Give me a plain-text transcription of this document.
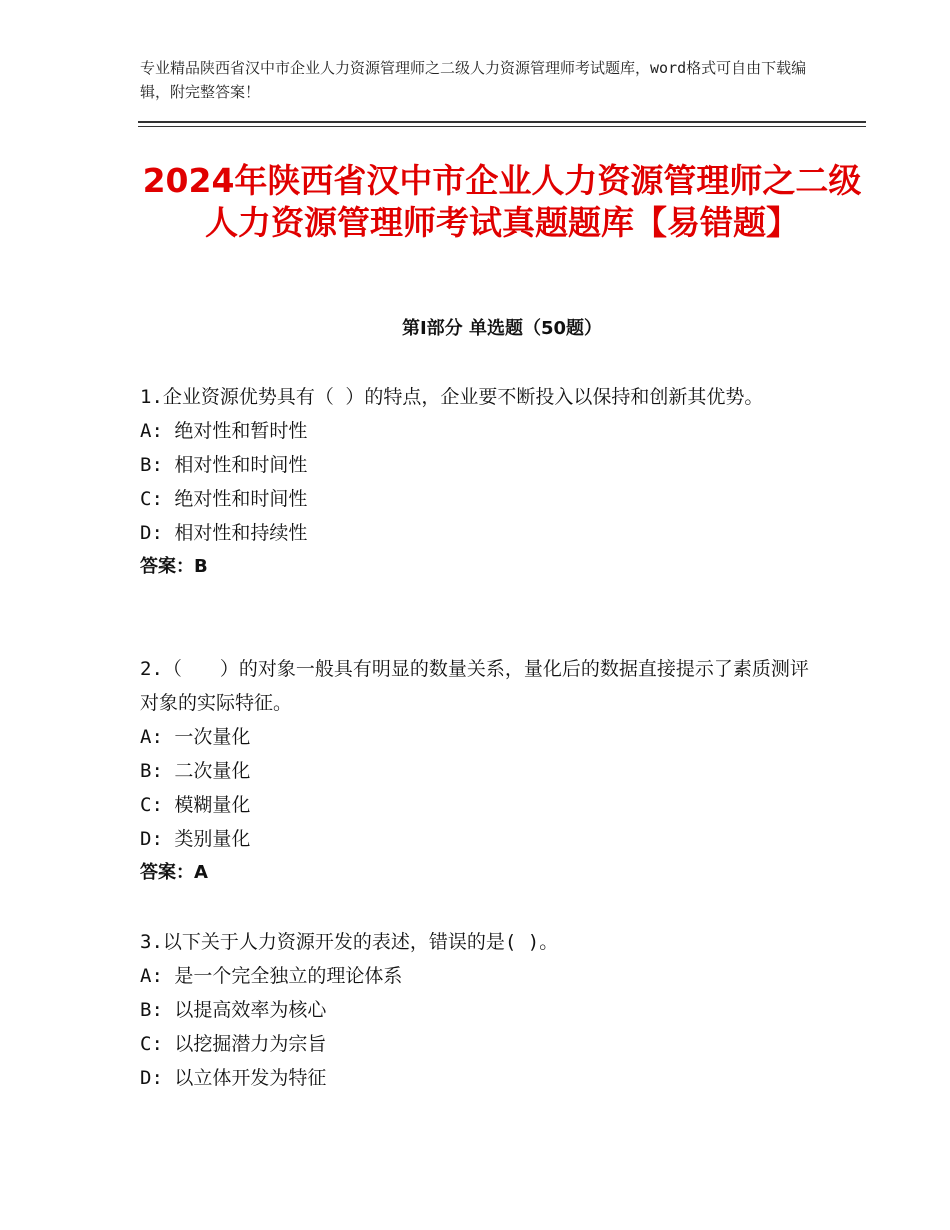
专业精品陕西省汉中市企业人力资源管理师之二级人力资源管理师考试题库，word格式可自由下载编辑，附完整答案！
2024年陕西省汉中市企业人力资源管理师之二级人力资源管理师考试真题题库【易错题】
第Ⅰ部分 单选题（50题）

1.企业资源优势具有（ ）的特点，企业要不断投入以保持和创新其优势。

A: 绝对性和暂时性

B: 相对性和时间性

C: 绝对性和时间性

D: 相对性和持续性

答案：B

2.（　　）的对象一般具有明显的数量关系，量化后的数据直接提示了素质测评对象的实际特征。

A: 一次量化

B: 二次量化

C: 模糊量化

D: 类别量化

答案：A

3.以下关于人力资源开发的表述，错误的是( )。

A: 是一个完全独立的理论体系

B: 以提高效率为核心

C: 以挖掘潜力为宗旨

D: 以立体开发为特征
